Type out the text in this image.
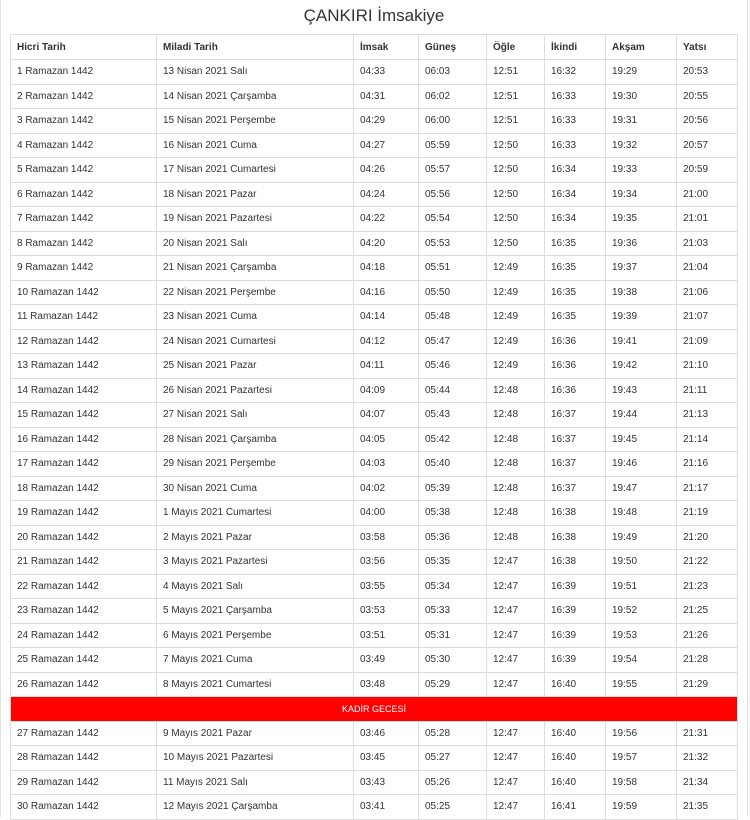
ÇANKIRI İmsakiye
Hicri Tarih	Miladi Tarih	İmsak	Güneş	Öğle	İkindi	Akşam	Yatsı
1 Ramazan 1442	13 Nisan 2021 Salı	04:33	06:03	12:51	16:32	19:29	20:53
2 Ramazan 1442	14 Nisan 2021 Çarşamba	04:31	06:02	12:51	16:33	19:30	20:55
3 Ramazan 1442	15 Nisan 2021 Perşembe	04:29	06:00	12:51	16:33	19:31	20:56
4 Ramazan 1442	16 Nisan 2021 Cuma	04:27	05:59	12:50	16:33	19:32	20:57
5 Ramazan 1442	17 Nisan 2021 Cumartesi	04:26	05:57	12:50	16:34	19:33	20:59
6 Ramazan 1442	18 Nisan 2021 Pazar	04:24	05:56	12:50	16:34	19:34	21:00
7 Ramazan 1442	19 Nisan 2021 Pazartesi	04:22	05:54	12:50	16:34	19:35	21:01
8 Ramazan 1442	20 Nisan 2021 Salı	04:20	05:53	12:50	16:35	19:36	21:03
9 Ramazan 1442	21 Nisan 2021 Çarşamba	04:18	05:51	12:49	16:35	19:37	21:04
10 Ramazan 1442	22 Nisan 2021 Perşembe	04:16	05:50	12:49	16:35	19:38	21:06
11 Ramazan 1442	23 Nisan 2021 Cuma	04:14	05:48	12:49	16:35	19:39	21:07
12 Ramazan 1442	24 Nisan 2021 Cumartesi	04:12	05:47	12:49	16:36	19:41	21:09
13 Ramazan 1442	25 Nisan 2021 Pazar	04:11	05:46	12:49	16:36	19:42	21:10
14 Ramazan 1442	26 Nisan 2021 Pazartesi	04:09	05:44	12:48	16:36	19:43	21:11
15 Ramazan 1442	27 Nisan 2021 Salı	04:07	05:43	12:48	16:37	19:44	21:13
16 Ramazan 1442	28 Nisan 2021 Çarşamba	04:05	05:42	12:48	16:37	19:45	21:14
17 Ramazan 1442	29 Nisan 2021 Perşembe	04:03	05:40	12:48	16:37	19:46	21:16
18 Ramazan 1442	30 Nisan 2021 Cuma	04:02	05:39	12:48	16:37	19:47	21:17
19 Ramazan 1442	1 Mayıs 2021 Cumartesi	04:00	05:38	12:48	16:38	19:48	21:19
20 Ramazan 1442	2 Mayıs 2021 Pazar	03:58	05:36	12:48	16:38	19:49	21:20
21 Ramazan 1442	3 Mayıs 2021 Pazartesi	03:56	05:35	12:47	16:38	19:50	21:22
22 Ramazan 1442	4 Mayıs 2021 Salı	03:55	05:34	12:47	16:39	19:51	21:23
23 Ramazan 1442	5 Mayıs 2021 Çarşamba	03:53	05:33	12:47	16:39	19:52	21:25
24 Ramazan 1442	6 Mayıs 2021 Perşembe	03:51	05:31	12:47	16:39	19:53	21:26
25 Ramazan 1442	7 Mayıs 2021 Cuma	03:49	05:30	12:47	16:39	19:54	21:28
26 Ramazan 1442	8 Mayıs 2021 Cumartesi	03:48	05:29	12:47	16:40	19:55	21:29
KADİR GECESİ							
27 Ramazan 1442	9 Mayıs 2021 Pazar	03:46	05:28	12:47	16:40	19:56	21:31
28 Ramazan 1442	10 Mayıs 2021 Pazartesi	03:45	05:27	12:47	16:40	19:57	21:32
29 Ramazan 1442	11 Mayıs 2021 Salı	03:43	05:26	12:47	16:40	19:58	21:34
30 Ramazan 1442	12 Mayıs 2021 Çarşamba	03:41	05:25	12:47	16:41	19:59	21:35
